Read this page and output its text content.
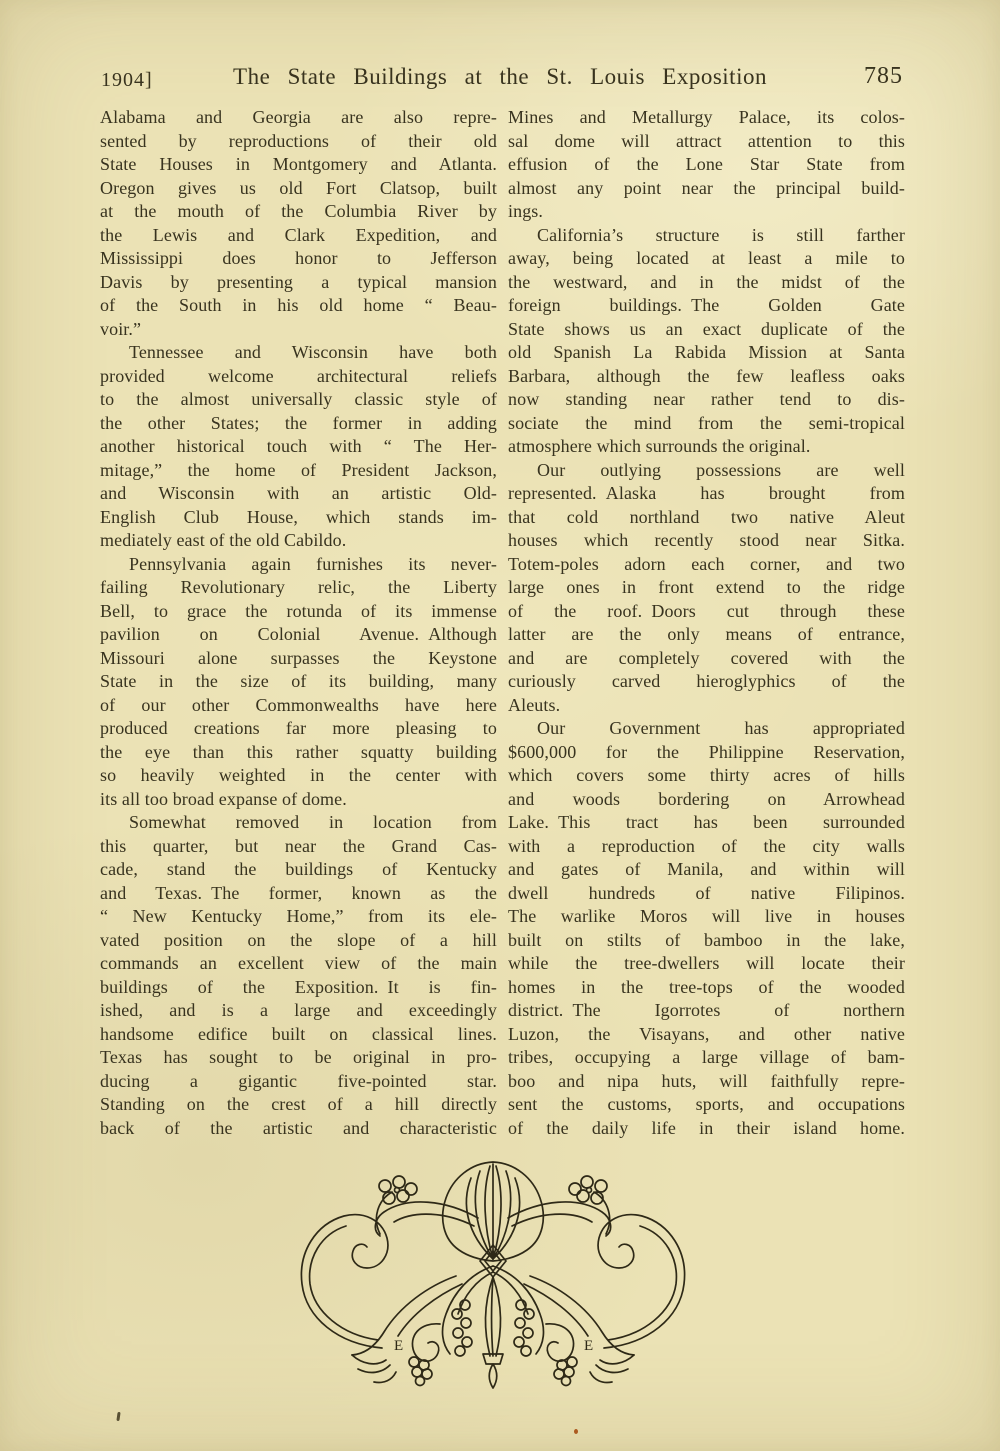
1904]	The State Buildings at the St. Louis Exposition	785
Alabama and Georgia are also repre-
sented by reproductions of their old
State Houses in Montgomery and Atlanta.
Oregon gives us old Fort Clatsop, built
at the mouth of the Columbia River by
the Lewis and Clark Expedition, and
Mississippi does honor to Jefferson
Davis by presenting a typical mansion
of the South in his old home “ Beau-
voir.”
Tennessee and Wisconsin have both
provided welcome architectural reliefs
to the almost universally classic style of
the other States; the former in adding
another historical touch with “ The Her-
mitage,” the home of President Jackson,
and Wisconsin with an artistic Old-
English Club House, which stands im-
mediately east of the old Cabildo.
Pennsylvania again furnishes its never-
failing Revolutionary relic, the Liberty
Bell, to grace the rotunda of its immense
pavilion on Colonial Avenue. Although
Missouri alone surpasses the Keystone
State in the size of its building, many
of our other Commonwealths have here
produced creations far more pleasing to
the eye than this rather squatty building
so heavily weighted in the center with
its all too broad expanse of dome.
Somewhat removed in location from
this quarter, but near the Grand Cas-
cade, stand the buildings of Kentucky
and Texas. The former, known as the
“ New Kentucky Home,” from its ele-
vated position on the slope of a hill
commands an excellent view of the main
buildings of the Exposition. It is fin-
ished, and is a large and exceedingly
handsome edifice built on classical lines.
Texas has sought to be original in pro-
ducing a gigantic five-pointed star.
Standing on the crest of a hill directly
back of the artistic and characteristic
Mines and Metallurgy Palace, its colos-
sal dome will attract attention to this
effusion of the Lone Star State from
almost any point near the principal build-
ings.
California’s structure is still farther
away, being located at least a mile to
the westward, and in the midst of the
foreign buildings. The Golden Gate
State shows us an exact duplicate of the
old Spanish La Rabida Mission at Santa
Barbara, although the few leafless oaks
now standing near rather tend to dis-
sociate the mind from the semi-tropical
atmosphere which surrounds the original.
Our outlying possessions are well
represented. Alaska has brought from
that cold northland two native Aleut
houses which recently stood near Sitka.
Totem-poles adorn each corner, and two
large ones in front extend to the ridge
of the roof. Doors cut through these
latter are the only means of entrance,
and are completely covered with the
curiously carved hieroglyphics of the
Aleuts.
Our Government has appropriated
$600,000 for the Philippine Reservation,
which covers some thirty acres of hills
and woods bordering on Arrowhead
Lake. This tract has been surrounded
with a reproduction of the city walls
and gates of Manila, and within will
dwell hundreds of native Filipinos.
The warlike Moros will live in houses
built on stilts of bamboo in the lake,
while the tree-dwellers will locate their
homes in the tree-tops of the wooded
district. The Igorrotes of northern
Luzon, the Visayans, and other native
tribes, occupying a large village of bam-
boo and nipa huts, will faithfully repre-
sent the customs, sports, and occupations
of the daily life in their island home.
E	E
